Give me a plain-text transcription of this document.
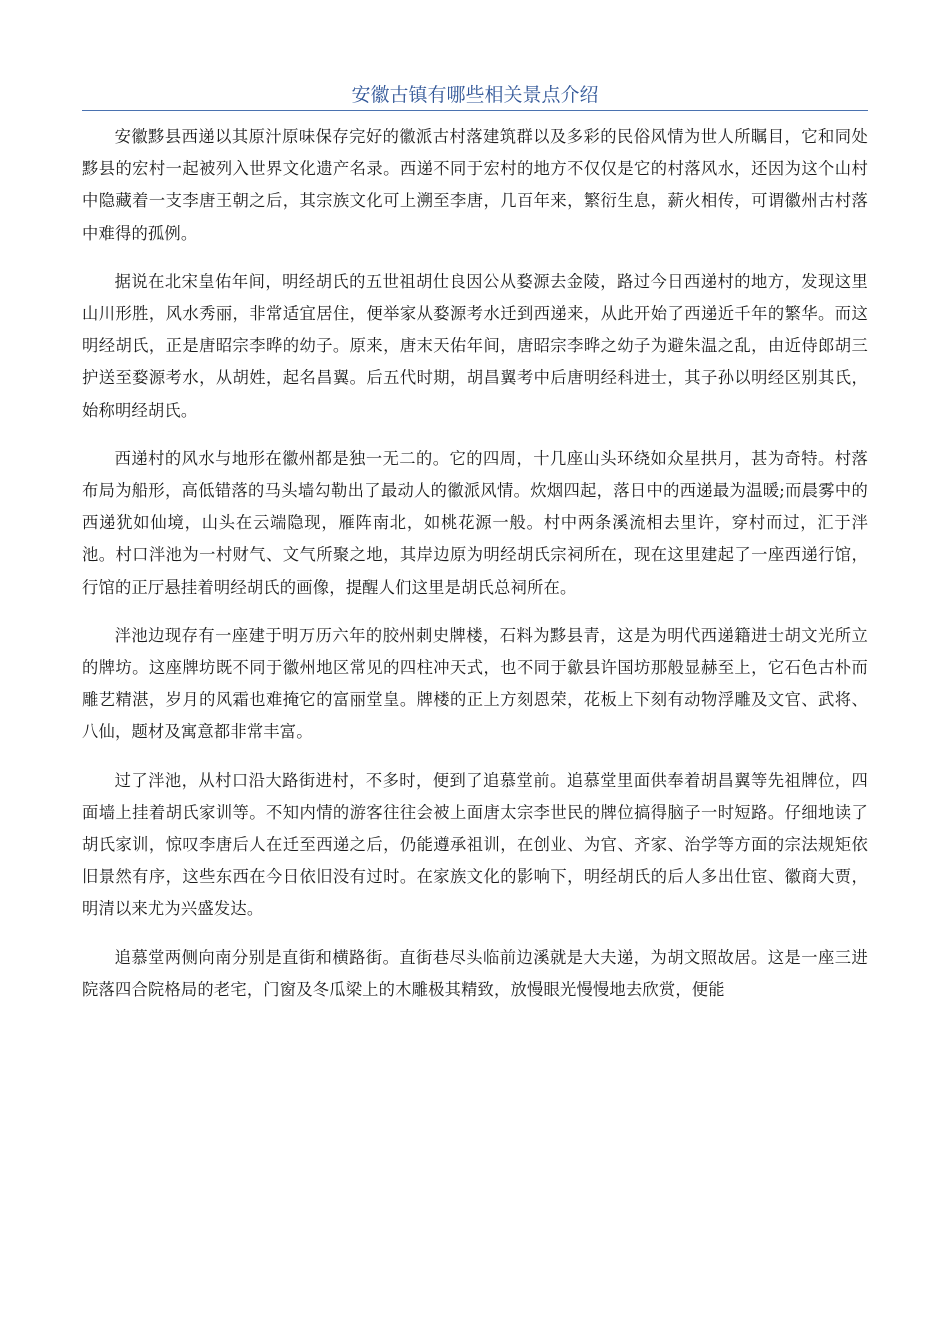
安徽古镇有哪些相关景点介绍

安徽黟县西递以其原汁原味保存完好的徽派古村落建筑群以及多彩的民俗风情为世人所瞩目，它和同处黟县的宏村一起被列入世界文化遗产名录。西递不同于宏村的地方不仅仅是它的村落风水，还因为这个山村中隐藏着一支李唐王朝之后，其宗族文化可上溯至李唐，几百年来，繁衍生息，薪火相传，可谓徽州古村落中难得的孤例。

据说在北宋皇佑年间，明经胡氏的五世祖胡仕良因公从婺源去金陵，路过今日西递村的地方，发现这里山川形胜，风水秀丽，非常适宜居住，便举家从婺源考水迁到西递来，从此开始了西递近千年的繁华。而这明经胡氏，正是唐昭宗李晔的幼子。原来，唐末天佑年间，唐昭宗李晔之幼子为避朱温之乱，由近侍郎胡三护送至婺源考水，从胡姓，起名昌翼。后五代时期，胡昌翼考中后唐明经科进士，其子孙以明经区别其氏，始称明经胡氏。

西递村的风水与地形在徽州都是独一无二的。它的四周，十几座山头环绕如众星拱月，甚为奇特。村落布局为船形，高低错落的马头墙勾勒出了最动人的徽派风情。炊烟四起，落日中的西递最为温暖;而晨雾中的西递犹如仙境，山头在云端隐现，雁阵南北，如桃花源一般。村中两条溪流相去里许，穿村而过，汇于泮池。村口泮池为一村财气、文气所聚之地，其岸边原为明经胡氏宗祠所在，现在这里建起了一座西递行馆，行馆的正厅悬挂着明经胡氏的画像，提醒人们这里是胡氏总祠所在。

泮池边现存有一座建于明万历六年的胶州刺史牌楼，石料为黟县青，这是为明代西递籍进士胡文光所立的牌坊。这座牌坊既不同于徽州地区常见的四柱冲天式，也不同于歙县许国坊那般显赫至上，它石色古朴而雕艺精湛，岁月的风霜也难掩它的富丽堂皇。牌楼的正上方刻恩荣，花板上下刻有动物浮雕及文官、武将、八仙，题材及寓意都非常丰富。

过了泮池，从村口沿大路街进村，不多时，便到了追慕堂前。追慕堂里面供奉着胡昌翼等先祖牌位，四面墙上挂着胡氏家训等。不知内情的游客往往会被上面唐太宗李世民的牌位搞得脑子一时短路。仔细地读了胡氏家训，惊叹李唐后人在迁至西递之后，仍能遵承祖训，在创业、为官、齐家、治学等方面的宗法规矩依旧景然有序，这些东西在今日依旧没有过时。在家族文化的影响下，明经胡氏的后人多出仕宦、徽商大贾，明清以来尤为兴盛发达。

追慕堂两侧向南分别是直街和横路街。直街巷尽头临前边溪就是大夫递，为胡文照故居。这是一座三进院落四合院格局的老宅，门窗及冬瓜梁上的木雕极其精致，放慢眼光慢慢地去欣赏，便能
